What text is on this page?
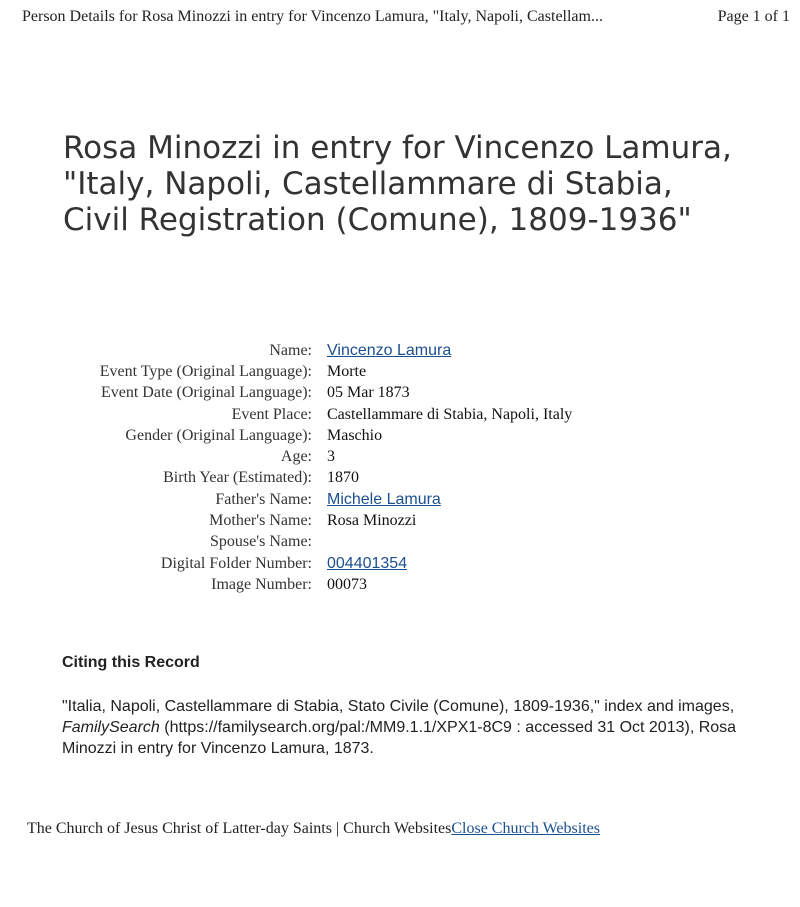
Person Details for Rosa Minozzi in entry for Vincenzo Lamura, "Italy, Napoli, Castellam...	Page 1 of 1
Rosa Minozzi in entry for Vincenzo Lamura, "Italy, Napoli, Castellammare di Stabia, Civil Registration (Comune), 1809-1936"
Name: Vincenzo Lamura
Event Type (Original Language): Morte
Event Date (Original Language): 05 Mar 1873
Event Place: Castellammare di Stabia, Napoli, Italy
Gender (Original Language): Maschio
Age: 3
Birth Year (Estimated): 1870
Father's Name: Michele Lamura
Mother's Name: Rosa Minozzi
Spouse's Name:
Digital Folder Number: 004401354
Image Number: 00073
Citing this Record

"Italia, Napoli, Castellammare di Stabia, Stato Civile (Comune), 1809-1936," index and images, FamilySearch (https://familysearch.org/pal:/MM9.1.1/XPX1-8C9 : accessed 31 Oct 2013), Rosa Minozzi in entry for Vincenzo Lamura, 1873.

The Church of Jesus Christ of Latter-day Saints | Church WebsitesClose Church Websites
